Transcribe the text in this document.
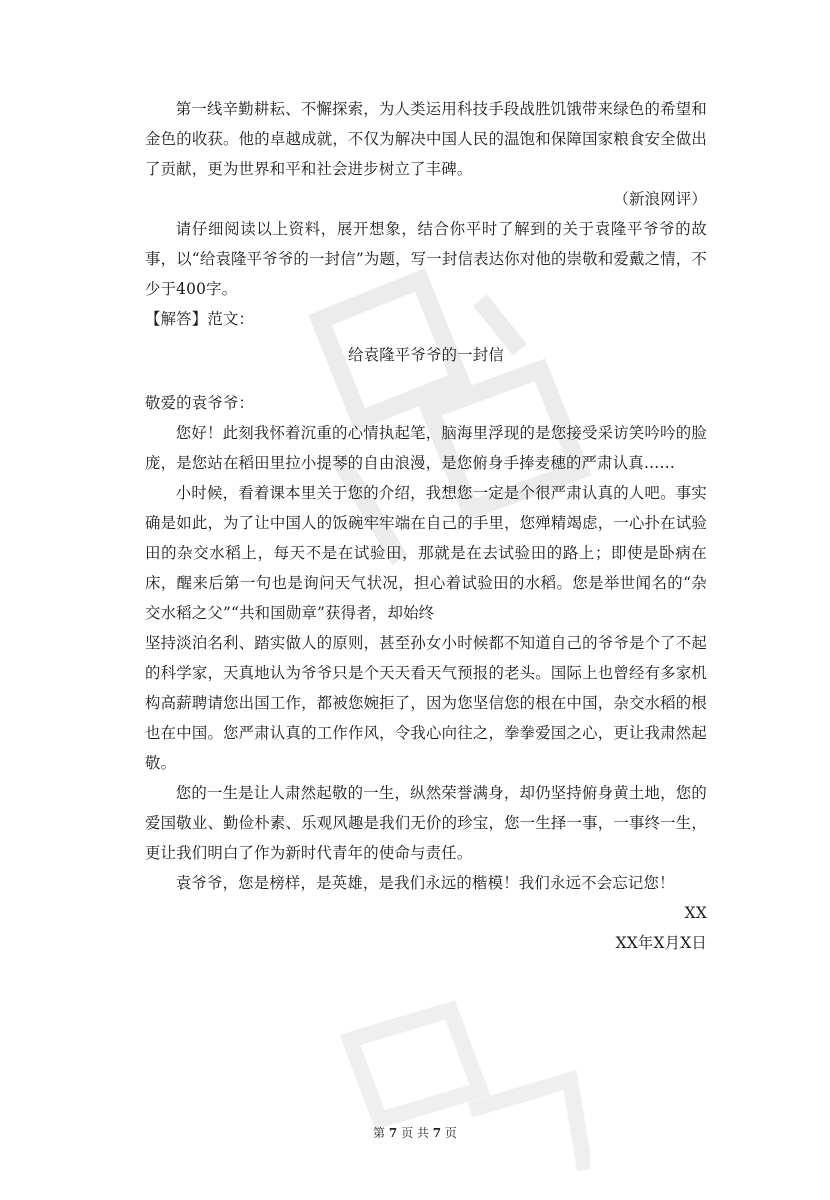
第一线辛勤耕耘、不懈探索，为人类运用科技手段战胜饥饿带来绿色的希望和金色的收获。他的卓越成就，不仅为解决中国人民的温饱和保障国家粮食安全做出了贡献，更为世界和平和社会进步树立了丰碑。

（新浪网评）

请仔细阅读以上资料，展开想象，结合你平时了解到的关于袁隆平爷爷的故事，以“给袁隆平爷爷的一封信”为题，写一封信表达你对他的崇敬和爱戴之情，不少于400字。

【解答】范文：

给袁隆平爷爷的一封信

敬爱的袁爷爷：

您好！此刻我怀着沉重的心情执起笔，脑海里浮现的是您接受采访笑吟吟的脸庞，是您站在稻田里拉小提琴的自由浪漫，是您俯身手捧麦穗的严肃认真……

小时候，看着课本里关于您的介绍，我想您一定是个很严肃认真的人吧。事实确是如此，为了让中国人的饭碗牢牢端在自己的手里，您殚精竭虑，一心扑在试验田的杂交水稻上，每天不是在试验田，那就是在去试验田的路上；即使是卧病在床，醒来后第一句也是询问天气状况，担心着试验田的水稻。您是举世闻名的“杂交水稻之父”“共和国勋章”获得者，却始终

坚持淡泊名利、踏实做人的原则，甚至孙女小时候都不知道自己的爷爷是个了不起的科学家，天真地认为爷爷只是个天天看天气预报的老头。国际上也曾经有多家机构高薪聘请您出国工作，都被您婉拒了，因为您坚信您的根在中国，杂交水稻的根也在中国。您严肃认真的工作作风，令我心向往之，拳拳爱国之心，更让我肃然起敬。

您的一生是让人肃然起敬的一生，纵然荣誉满身，却仍坚持俯身黄土地，您的爱国敬业、勤俭朴素、乐观风趣是我们无价的珍宝，您一生择一事，一事终一生，更让我们明白了作为新时代青年的使命与责任。

袁爷爷，您是榜样，是英雄，是我们永远的楷模！我们永远不会忘记您！

XX

XX年X月X日

第 7 页 共 7 页
